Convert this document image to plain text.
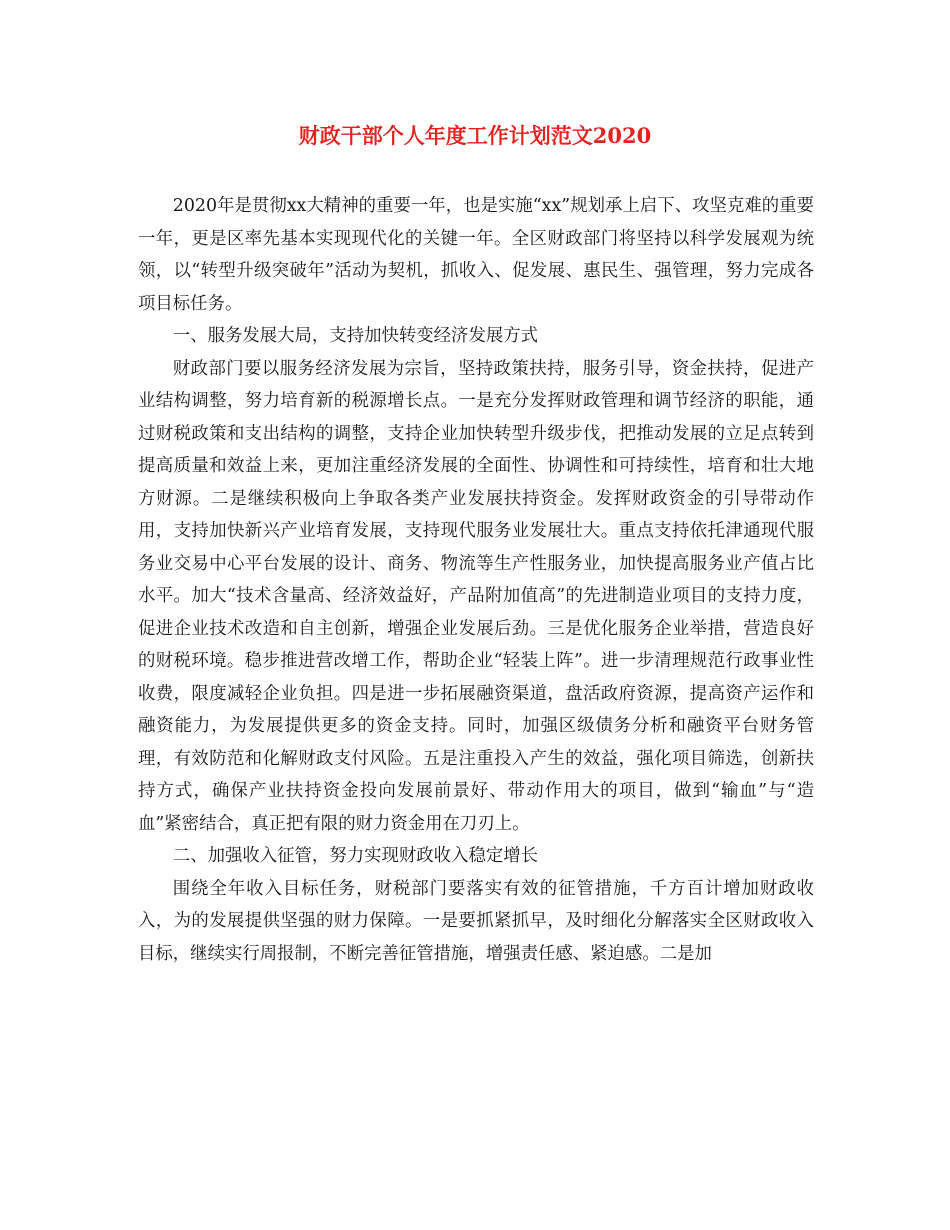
财政干部个人年度工作计划范文2020

2020年是贯彻xx大精神的重要一年，也是实施“xx”规划承上启下、攻坚克难的重要一年，更是区率先基本实现现代化的关键一年。全区财政部门将坚持以科学发展观为统领，以“转型升级突破年”活动为契机，抓收入、促发展、惠民生、强管理，努力完成各项目标任务。

一、服务发展大局，支持加快转变经济发展方式

财政部门要以服务经济发展为宗旨，坚持政策扶持，服务引导，资金扶持，促进产业结构调整，努力培育新的税源增长点。一是充分发挥财政管理和调节经济的职能，通过财税政策和支出结构的调整，支持企业加快转型升级步伐，把推动发展的立足点转到提高质量和效益上来，更加注重经济发展的全面性、协调性和可持续性，培育和壮大地方财源。二是继续积极向上争取各类产业发展扶持资金。发挥财政资金的引导带动作用，支持加快新兴产业培育发展，支持现代服务业发展壮大。重点支持依托津通现代服务业交易中心平台发展的设计、商务、物流等生产性服务业，加快提高服务业产值占比水平。加大“技术含量高、经济效益好，产品附加值高”的先进制造业项目的支持力度，促进企业技术改造和自主创新，增强企业发展后劲。三是优化服务企业举措，营造良好的财税环境。稳步推进营改增工作，帮助企业“轻装上阵”。进一步清理规范行政事业性收费，限度减轻企业负担。四是进一步拓展融资渠道，盘活政府资源，提高资产运作和融资能力，为发展提供更多的资金支持。同时，加强区级债务分析和融资平台财务管理，有效防范和化解财政支付风险。五是注重投入产生的效益，强化项目筛选，创新扶持方式，确保产业扶持资金投向发展前景好、带动作用大的项目，做到“输血”与“造血”紧密结合，真正把有限的财力资金用在刀刃上。

二、加强收入征管，努力实现财政收入稳定增长

围绕全年收入目标任务，财税部门要落实有效的征管措施，千方百计增加财政收入，为的发展提供坚强的财力保障。一是要抓紧抓早，及时细化分解落实全区财政收入目标，继续实行周报制，不断完善征管措施，增强责任感、紧迫感。二是加
